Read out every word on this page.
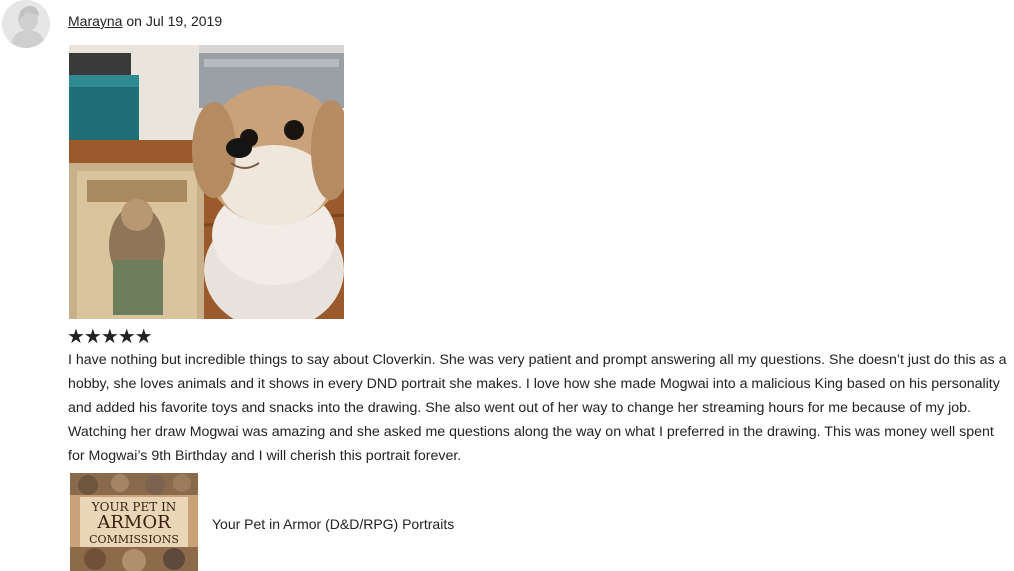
Marayna on Jul 19, 2019
★★★★★

I have nothing but incredible things to say about Cloverkin. She was very patient and prompt answering all my questions. She doesn’t just do this as a hobby, she loves animals and it shows in every DND portrait she makes. I love how she made Mogwai into a malicious King based on his personality and added his favorite toys and snacks into the drawing. She also went out of her way to change her streaming hours for me because of my job. Watching her draw Mogwai was amazing and she asked me questions along the way on what I preferred in the drawing. This was money well spent for Mogwai’s 9th Birthday and I will cherish this portrait forever.

YOUR PET IN
ARMOR
COMMISSIONS
Your Pet in Armor (D&D/RPG) Portraits
